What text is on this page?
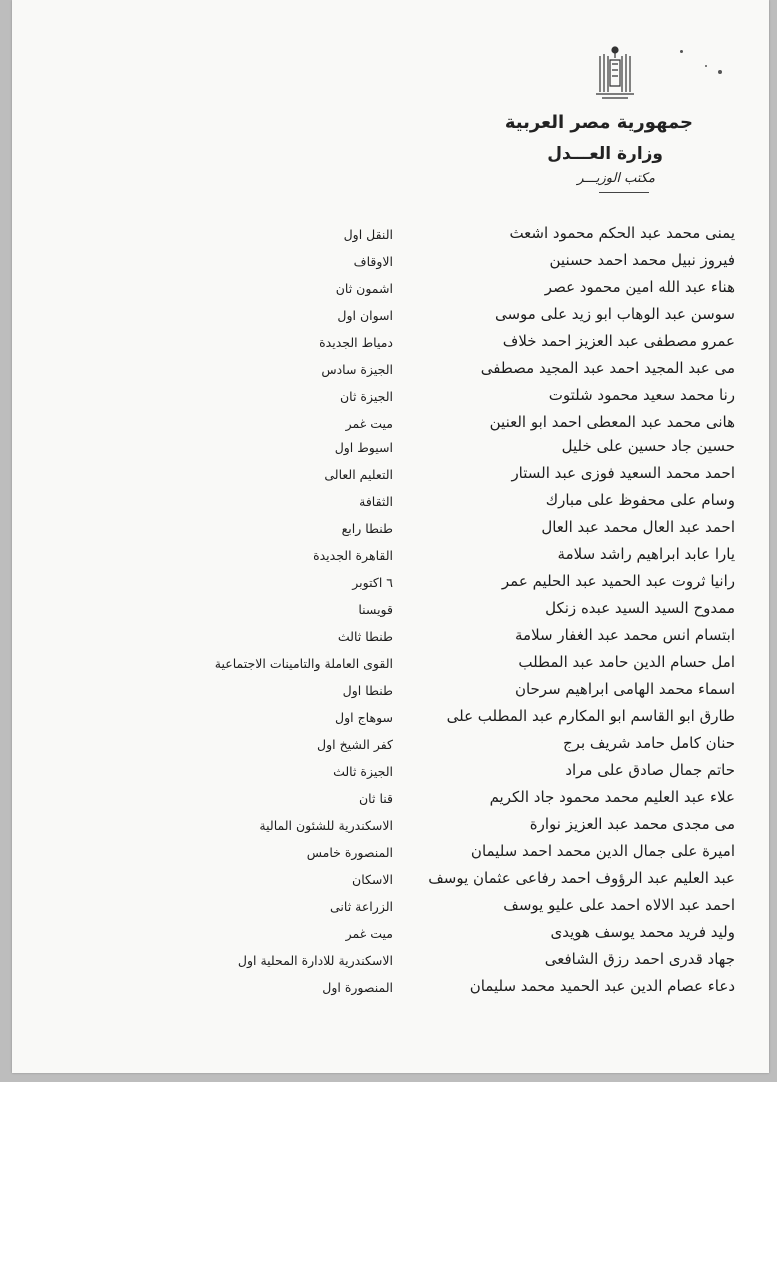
جمهورية مصر العربية
وزارة العـــدل
مكتب الوزيـــر
يمنى محمد عبد الحكم محمود اشعث
النقل اول
فيروز نبيل محمد احمد حسنين
الاوقاف
هناء عبد الله امين محمود عصر
اشمون ثان
سوسن عبد الوهاب ابو زيد على موسى
اسوان اول
عمرو مصطفى عبد العزيز احمد خلاف
دمياط الجديدة
مى عبد المجيد احمد عبد المجيد مصطفى
الجيزة سادس
رنا محمد سعيد محمود شلتوت
الجيزة ثان
هانى محمد عبد المعطى احمد ابو العنين
ميت غمر
حسين جاد حسين على خليل
اسيوط اول
احمد محمد السعيد فوزى عبد الستار
التعليم العالى
وسام على محفوظ على مبارك
الثقافة
احمد عبد العال محمد عبد العال
طنطا رابع
يارا عابد ابراهيم راشد سلامة
القاهرة الجديدة
رانيا ثروت عبد الحميد عبد الحليم عمر
٦ اكتوبر
ممدوح السيد السيد عبده زنكل
قويسنا
ابتسام انس محمد عبد الغفار سلامة
طنطا ثالث
امل حسام الدين حامد عبد المطلب
القوى العاملة والتامينات الاجتماعية
اسماء محمد الهامى ابراهيم سرحان
طنطا اول
طارق ابو القاسم ابو المكارم عبد المطلب على
سوهاج اول
حنان كامل حامد شريف برج
كفر الشيخ اول
حاتم جمال صادق على مراد
الجيزة ثالث
علاء عبد العليم محمد محمود جاد الكريم
قنا ثان
مى مجدى محمد عبد العزيز نوارة
الاسكندرية للشئون المالية
اميرة على جمال الدين محمد احمد سليمان
المنصورة خامس
عبد العليم عبد الرؤوف احمد رفاعى عثمان يوسف
الاسكان
احمد عبد الالاه احمد على عليو يوسف
الزراعة ثانى
وليد فريد محمد يوسف هويدى
ميت غمر
جهاد قدرى احمد رزق الشافعى
الاسكندرية للادارة المحلية اول
دعاء عصام الدين عبد الحميد محمد سليمان
المنصورة اول
